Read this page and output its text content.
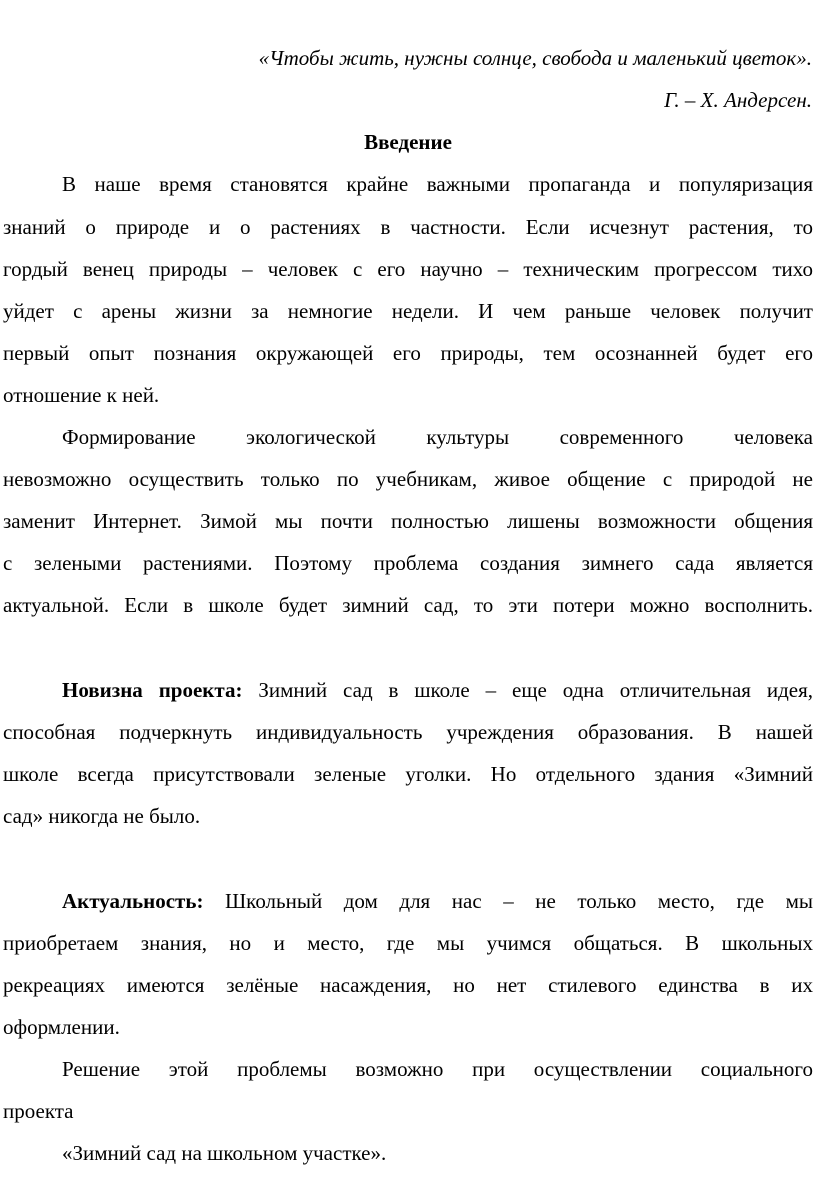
«Чтобы жить, нужны солнце, свобода и маленький цветок».
Г. – Х. Андерсен.
Введение
В наше время становятся крайне важными пропаганда и популяризация
знаний о природе и о растениях в частности. Если исчезнут растения, то
гордый венец природы – человек с его научно – техническим прогрессом тихо
уйдет с арены жизни за немногие недели. И чем раньше человек получит
первый опыт познания окружающей его природы, тем осознанней будет его
отношение к ней.
Формирование экологической культуры современного человека
невозможно осуществить только по учебникам, живое общение с природой не
заменит Интернет. Зимой мы почти полностью лишены возможности общения
с зелеными растениями. Поэтому проблема создания зимнего сада является
актуальной. Если в школе будет зимний сад, то эти потери можно восполнить.
Новизна проекта: Зимний сад в школе – еще одна отличительная идея,
способная подчеркнуть индивидуальность учреждения образования. В нашей
школе всегда присутствовали зеленые уголки. Но отдельного здания «Зимний
сад» никогда не было.
Актуальность: Школьный дом для нас – не только место, где мы
приобретаем знания, но и место, где мы учимся общаться. В школьных
рекреациях имеются зелёные насаждения, но нет стилевого единства в их
оформлении.
Решение этой проблемы возможно при осуществлении социального
проекта
«Зимний сад на школьном участке».
